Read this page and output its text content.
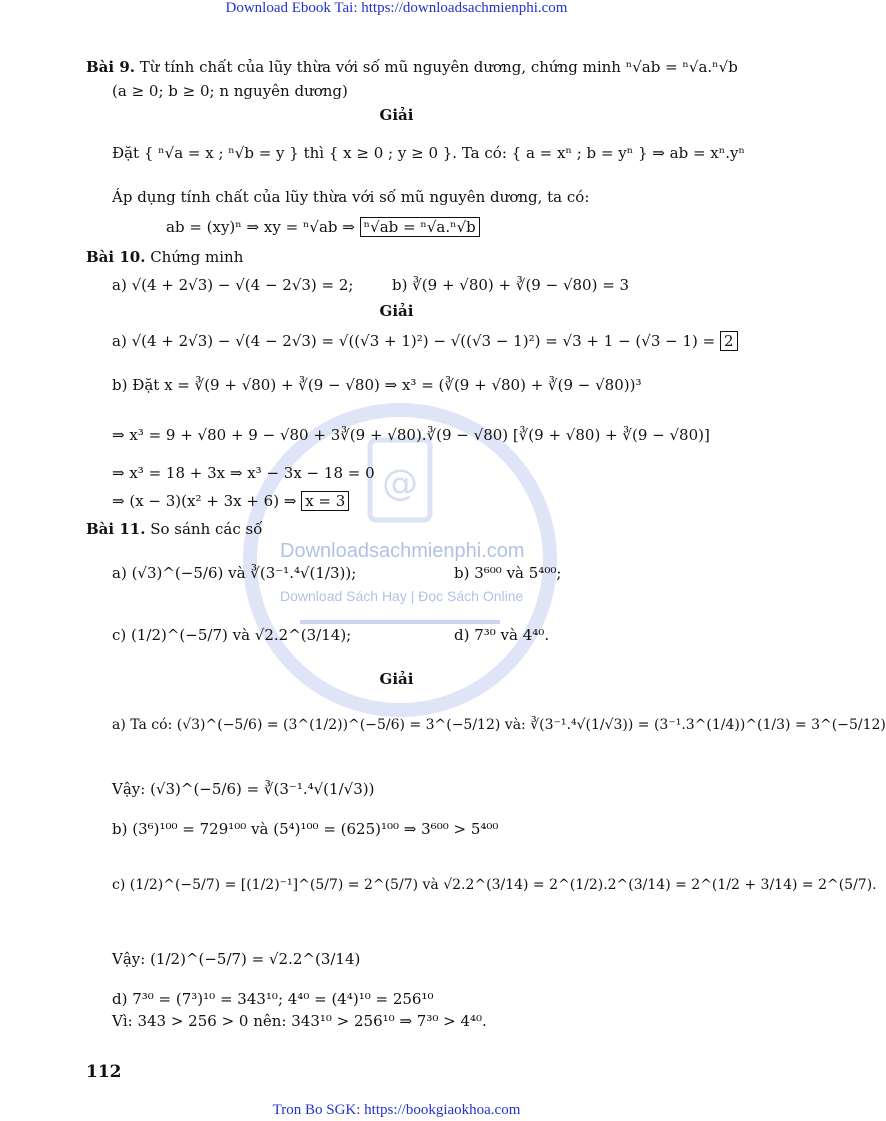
Download Ebook Tai: https://downloadsachmienphi.com
@
Downloadsachmienphi.com
Download Sách Hay | Đọc Sách Online
Bài 9. Từ tính chất của lũy thừa với số mũ nguyên dương, chứng minh ⁿ√ab = ⁿ√a.ⁿ√b
(a ≥ 0; b ≥ 0; n nguyên dương)
Giải
Đặt { ⁿ√a = x ; ⁿ√b = y } thì { x ≥ 0 ; y ≥ 0 }. Ta có: { a = xⁿ ; b = yⁿ } ⇒ ab = xⁿ.yⁿ
Áp dụng tính chất của lũy thừa với số mũ nguyên dương, ta có:
ab = (xy)ⁿ ⇒ xy = ⁿ√ab ⇒ ⁿ√ab = ⁿ√a.ⁿ√b
Bài 10. Chứng minh
a) √(4 + 2√3) − √(4 − 2√3) = 2;	b) ∛(9 + √80) + ∛(9 − √80) = 3
Giải
a) √(4 + 2√3) − √(4 − 2√3) = √((√3 + 1)²) − √((√3 − 1)²) = √3 + 1 − (√3 − 1) = 2
b) Đặt x = ∛(9 + √80) + ∛(9 − √80) ⇒ x³ = (∛(9 + √80) + ∛(9 − √80))³
⇒ x³ = 9 + √80 + 9 − √80 + 3∛(9 + √80).∛(9 − √80) [∛(9 + √80) + ∛(9 − √80)]
⇒ x³ = 18 + 3x ⇒ x³ − 3x − 18 = 0
⇒ (x − 3)(x² + 3x + 6) ⇒ x = 3
Bài 11. So sánh các số
a) (√3)^(−5/6) và ∛(3⁻¹.⁴√(1/3));	b) 3⁶⁰⁰ và 5⁴⁰⁰;
c) (1/2)^(−5/7) và √2.2^(3/14);	d) 7³⁰ và 4⁴⁰.
Giải
a) Ta có: (√3)^(−5/6) = (3^(1/2))^(−5/6) = 3^(−5/12) và: ∛(3⁻¹.⁴√(1/√3)) = (3⁻¹.3^(1/4))^(1/3) = 3^(−5/12)
Vậy: (√3)^(−5/6) = ∛(3⁻¹.⁴√(1/√3))
b) (3⁶)¹⁰⁰ = 729¹⁰⁰ và (5⁴)¹⁰⁰ = (625)¹⁰⁰ ⇒ 3⁶⁰⁰ > 5⁴⁰⁰
c) (1/2)^(−5/7) = [(1/2)⁻¹]^(5/7) = 2^(5/7) và √2.2^(3/14) = 2^(1/2).2^(3/14) = 2^(1/2 + 3/14) = 2^(5/7).
Vậy: (1/2)^(−5/7) = √2.2^(3/14)
d) 7³⁰ = (7³)¹⁰ = 343¹⁰; 4⁴⁰ = (4⁴)¹⁰ = 256¹⁰
Vì: 343 > 256 > 0 nên: 343¹⁰ > 256¹⁰ ⇒ 7³⁰ > 4⁴⁰.
112
Tron Bo SGK: https://bookgiaokhoa.com
